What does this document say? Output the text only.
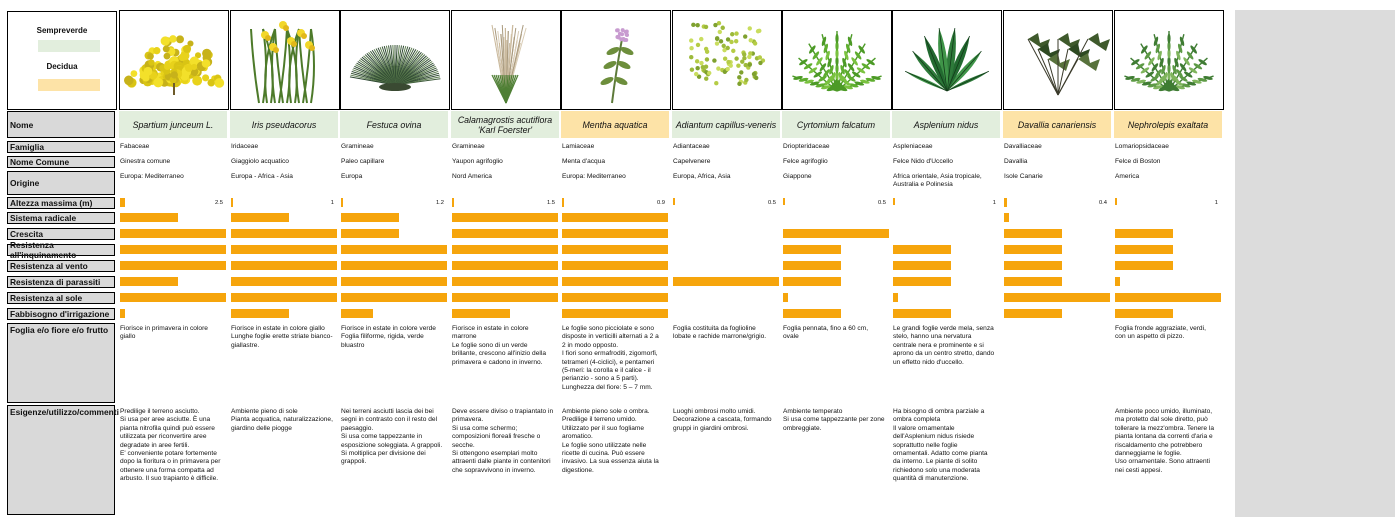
Sempreverde
Decidua
Nome
Famiglia
Nome Comune
Origine
Altezza massima (m)
Sistema radicale
Crescita
Resistenza all'inquinamento
Resistenza al vento
Resistenza di parassiti
Resistenza al sole
Fabbisogno d'irrigazione
Foglia e/o fiore e/o frutto
Esigenze/utilizzo/commenti
Spartium junceum L.
Fabaceae
Ginestra comune
Europa: Mediterraneo
Fiorisce in primavera in colore giallo
Predilige il terreno asciutto.
Si usa per aree asciutte. È una pianta nitrofila quindi può essere utilizzata per riconvertire aree degradate in aree fertili.
E' conveniente potare fortemente dopo la fioritura o in primavera per ottenere una forma compatta ad arbusto. Il suo trapianto è difficile.
2.5
Iris pseudacorus
Iridaceae
Giaggiolo acquatico
Europa - Africa - Asia
Fiorisce in estate in colore giallo
Lunghe foglie erette striate bianco-giallastre.
Ambiente pieno di sole
Pianta acquatica, naturalizzazione, giardino delle piogge
1
Festuca ovina
Gramineae
Paleo capillare
Europa
Fiorisce in estate in colore verde
Foglia filiforme, rigida, verde bluastro
Nei terreni asciutti lascia dei bei segni in contrasto con il resto del paesaggio.
Si usa come tappezzante in esposizione soleggiata. A grappoli.
Si moltiplica per divisione dei grappoli.
1.2
Calamagrostis acutiflora 'Karl Foerster'
Gramineae
Yaupon agrifoglio
Nord America
Fiorisce in estate in colore marrone
Le foglie sono di un verde brillante, crescono all'inizio della primavera e cadono in inverno.
Deve essere diviso o trapiantato in primavera.
Si usa come schermo; composizioni floreali fresche o secche.
Si ottengono esemplari molto attraenti dalle piante in contenitori che sopravvivono in inverno.
1.5
Mentha aquatica
Lamiaceae
Menta d'acqua
Europa: Mediterraneo
Le foglie sono picciolate e sono disposte in verticilli alternati a 2 a 2 in modo opposto.
I fiori sono ermafroditi, zigomorfi, tetrameri (4-ciclici), e pentameri (5-meri: la corolla e il calice - il perianzio - sono a 5 parti). Lunghezza del fiore: 5 – 7 mm.
Ambiente pieno sole o ombra. Predilige il terreno umido.
Utilizzato per il suo fogliame aromatico.
Le foglie sono utilizzate nelle ricette di cucina. Può essere invasivo. La sua essenza aiuta la digestione.
0.9
Adiantum capillus-veneris
Adiantaceae
Capelvenere
Europa, Africa, Asia
Foglia costituita da foglioline lobate e rachide marrone/grigio.
Luoghi ombrosi molto umidi.
Decorazione a cascata, formando gruppi in giardini ombrosi.
0.5
Cyrtomium falcatum
Driopteridaceae
Felce agrifoglio
Giappone
Foglia pennata, fino a 60 cm, ovale
Ambiente temperato
Si usa come tappezzante per zone ombreggiate.
0.5
Asplenium nidus
Aspleniaceae
Felce Nido d'Uccello
Africa orientale, Asia tropicale, Australia e Polinesia
Le grandi foglie verde mela, senza stelo, hanno una nervatura centrale nera e prominente e si aprono da un centro stretto, dando un effetto nido d'uccello.
Ha bisogno di ombra parziale a ombra completa
Il valore ornamentale dell'Asplenium nidus risiede soprattutto nelle foglie ornamentali. Adatto come pianta da interno. Le piante di solito richiedono solo una moderata quantità di manutenzione.
1
Davallia canariensis
Davalliaceae
Davallia
Isole Canarie
0.4
Nephrolepis exaltata
Lomariopsidaceae
Felce di Boston
America
Foglia fronde aggraziate, verdi, con un aspetto di pizzo.
Ambiente poco umido, illuminato, ma protetto dal sole diretto, può tollerare la mezz'ombra. Tenere la pianta lontana da correnti d'aria e riscaldamento che potrebbero danneggiarne le foglie.
Uso ornamentale. Sono attraenti nei cesti appesi.
1
